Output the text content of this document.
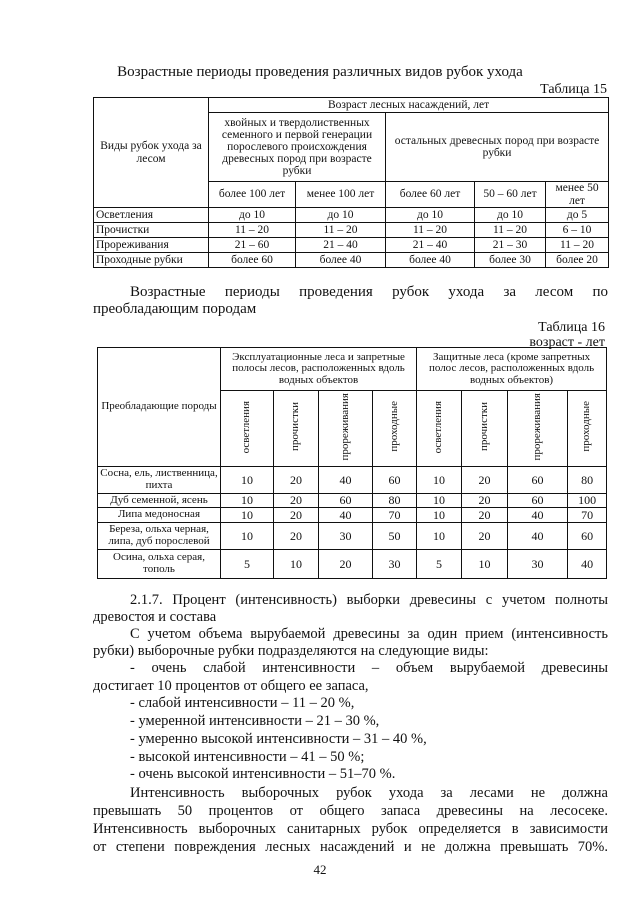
Возрастные периоды проведения различных видов рубок ухода
Таблица 15
Виды рубок ухода за лесом	Возраст лесных насаждений, лет				
	хвойных и твердолиственных семенного и первой генерации порослевого происхождения древесных пород при возрасте рубки		остальных древесных пород при возрасте рубки		
	более 100 лет	менее 100 лет	более 60 лет	50 – 60 лет	менее 50 лет
Осветления	до 10	до 10	до 10	до 10	до 5
Прочистки	11 – 20	11 – 20	11 – 20	11 – 20	6 – 10
Прореживания	21 – 60	21 – 40	21 – 40	21 – 30	11 – 20
Проходные рубки	более 60	более 40	более 40	более 30	более 20
Возрастные периоды проведения рубок ухода за лесом по
преобладающим породам
Таблица 16
возраст - лет
Преобладающие породы	Эксплуатационные леса и запретные полосы лесов, расположенных вдоль водных объектов				Защитные леса (кроме запретных полос лесов, расположенных вдоль водных объектов)			
	осветления	прочистки	прореживания	проходные	осветления	прочистки	прореживания	проходные
Сосна, ель, лиственница, пихта	10	20	40	60	10	20	60	80
Дуб семенной, ясень	10	20	60	80	10	20	60	100
Липа медоносная	10	20	40	70	10	20	40	70
Береза, ольха черная, липа, дуб порослевой	10	20	30	50	10	20	40	60
Осина, ольха серая, тополь	5	10	20	30	5	10	30	40
2.1.7. Процент (интенсивность) выборки древесины с учетом полноты
древостоя и состава
С учетом объема вырубаемой древесины за один прием (интенсивность
рубки) выборочные рубки подразделяются на следующие виды:
- очень слабой интенсивности – объем вырубаемой древесины
достигает 10 процентов от общего ее запаса,
- слабой интенсивности – 11 – 20 %,
- умеренной интенсивности – 21 – 30 %,
- умеренно высокой интенсивности – 31 – 40 %,
- высокой интенсивности – 41 – 50 %;
- очень высокой интенсивности – 51–70 %.
Интенсивность выборочных рубок ухода за лесами не должна
превышать 50 процентов от общего запаса древесины на лесосеке.
Интенсивность выборочных санитарных рубок определяется в зависимости
от степени повреждения лесных насаждений и не должна превышать 70%.
42
